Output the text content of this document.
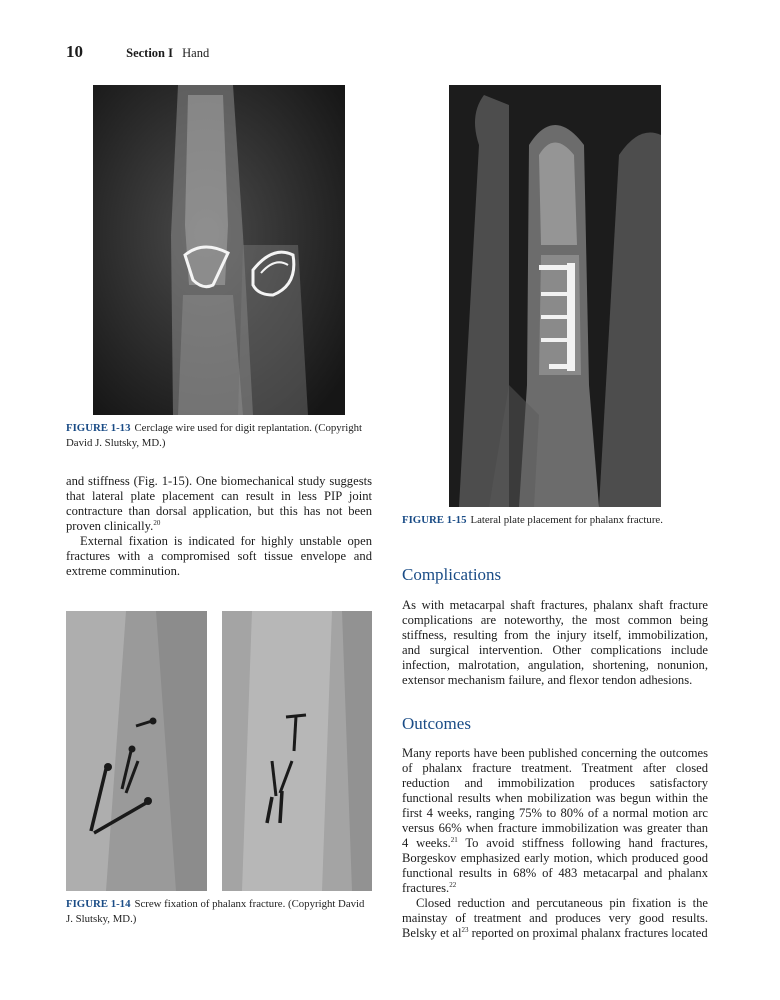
10	Section I Hand
FIGURE 1-13 Cerclage wire used for digit replantation. (Copyright David J. Slutsky, MD.)
FIGURE 1-15 Lateral plate placement for phalanx fracture.

and stiffness (Fig. 1-15). One biomechanical study suggests that lateral plate placement can result in less PIP joint contracture than dorsal application, but this has not been proven clinically.$^{20}$

External fixation is indicated for highly unstable open fractures with a compromised soft tissue envelope and extreme comminution.

FIGURE 1-14 Screw fixation of phalanx fracture. (Copyright David J. Slutsky, MD.)
Complications

As with metacarpal shaft fractures, phalanx shaft fracture complications are noteworthy, the most common being stiffness, resulting from the injury itself, immobilization, and surgical intervention. Other complications include infection, malrotation, angulation, shortening, nonunion, extensor mechanism failure, and flexor tendon adhesions.

Outcomes

Many reports have been published concerning the outcomes of phalanx fracture treatment. Treatment after closed reduction and immobilization produces satisfactory functional results when mobilization was begun within the first 4 weeks, ranging 75% to 80% of a normal motion arc versus 66% when fracture immobilization was greater than 4 weeks.$^{21}$ To avoid stiffness following hand fractures, Borgeskov emphasized early motion, which produced good functional results in 68% of 483 metacarpal and phalanx fractures.$^{22}$

Closed reduction and percutaneous pin fixation is the mainstay of treatment and produces very good results. Belsky et $al^{23}$ reported on proximal phalanx fractures located
